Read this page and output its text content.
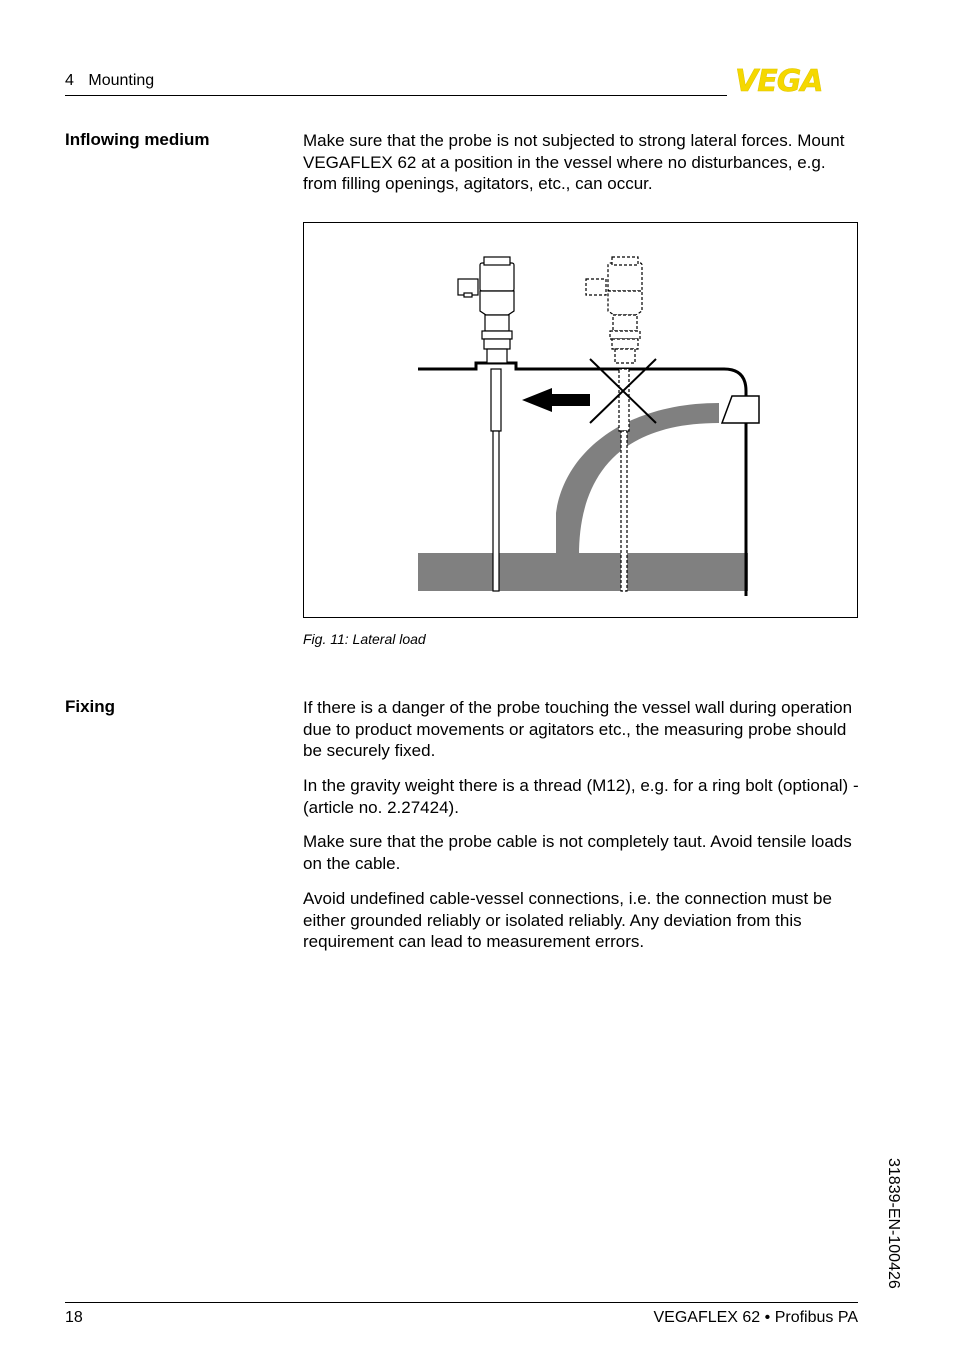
4 Mounting	VEGA
Inflowing medium	Make sure that the probe is not subjected to strong lateral forces. Mount VEGAFLEX 62 at a position in the vessel where no disturbances, e.g. from filling openings, agitators, etc., can occur.

Fig. 11: Lateral load
Fixing	If there is a danger of the probe touching the vessel wall during operation due to product movements or agitators etc., the measuring probe should be securely fixed.

In the gravity weight there is a thread (M12), e.g. for a ring bolt (optional) - (article no. 2.27424).

Make sure that the probe cable is not completely taut. Avoid tensile loads on the cable.

Avoid undefined cable-vessel connections, i.e. the connection must be either grounded reliably or isolated reliably. Any deviation from this requirement can lead to measurement errors.

31839-EN-100426
18	VEGAFLEX 62 • Profibus PA
